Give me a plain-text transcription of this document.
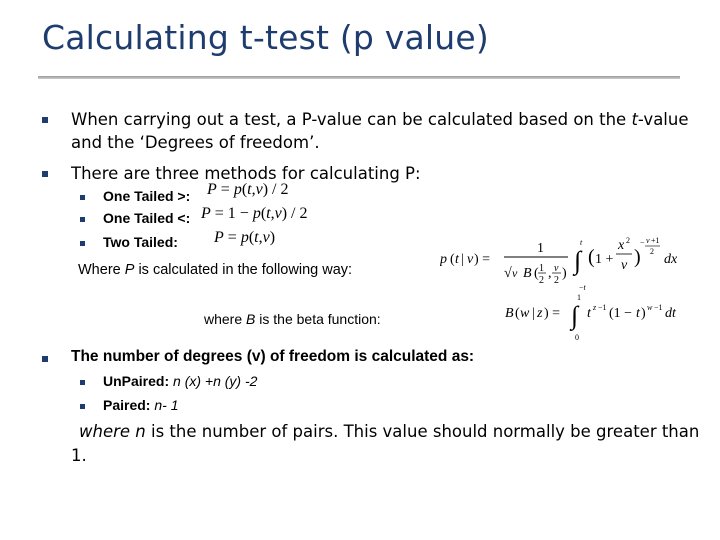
Calculating t-test (p value)
When carrying out a test, a P-value can be calculated based on the t-value
and the ‘Degrees of freedom’.
There are three methods for calculating P:
One Tailed >: P = p(t,v) / 2
One Tailed <: P = 1 − p(t,v) / 2
Two Tailed: P = p(t,v)
Where P is calculated in the following way:
p ( t | v ) =
1
√ v B ( 1
2 , v
2 ) ∫
t
−t
( 1 +
x 2
v )
− v +1
2
dx
where B is the beta function:	B ( w | z ) = ∫
1
0
t z −1 (1 − t ) w −1 dt
The number of degrees (v) of freedom is calculated as:
UnPaired: n (x) +n (y) -2
Paired: n- 1
where n is the number of pairs. This value should normally be greater than
1.
